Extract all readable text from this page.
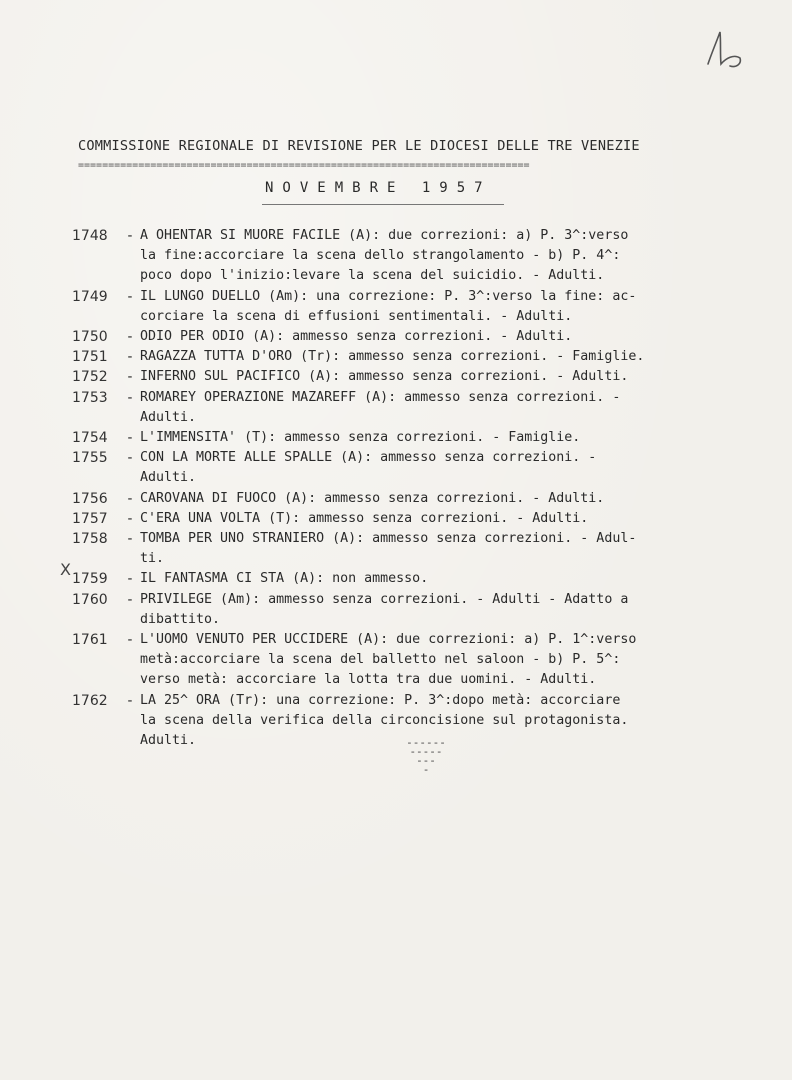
COMMISSIONE REGIONALE DI REVISIONE PER LE DIOCESI DELLE TRE VENEZIE
===========================================================================
NOVEMBRE 1957
X
1748	- A OHENTAR SI MUORE FACILE (A): due correzioni: a) P. 3^:verso
la fine:accorciare la scena dello strangolamento - b) P. 4^:
poco dopo l'inizio:levare la scena del suicidio. - Adulti.
1749	- IL LUNGO DUELLO (Am): una correzione: P. 3^:verso la fine: ac-
corciare la scena di effusioni sentimentali. - Adulti.
1750	- ODIO PER ODIO (A): ammesso senza correzioni. - Adulti.
1751	- RAGAZZA TUTTA D'ORO (Tr): ammesso senza correzioni. - Famiglie.
1752	- INFERNO SUL PACIFICO (A): ammesso senza correzioni. - Adulti.
1753	- ROMAREY OPERAZIONE MAZAREFF (A): ammesso senza correzioni. -
Adulti.
1754	- L'IMMENSITA' (T): ammesso senza correzioni. - Famiglie.
1755	- CON LA MORTE ALLE SPALLE (A): ammesso senza correzioni. -
Adulti.
1756	- CAROVANA DI FUOCO (A): ammesso senza correzioni. - Adulti.
1757	- C'ERA UNA VOLTA (T): ammesso senza correzioni. - Adulti.
1758	- TOMBA PER UNO STRANIERO (A): ammesso senza correzioni. - Adul-
ti.
1759	- IL FANTASMA CI STA (A): non ammesso.
1760	- PRIVILEGE (Am): ammesso senza correzioni. - Adulti - Adatto a
dibattito.
1761	- L'UOMO VENUTO PER UCCIDERE (A): due correzioni: a) P. 1^:verso
metà:accorciare la scena del balletto nel saloon - b) P. 5^:
verso metà: accorciare la lotta tra due uomini. - Adulti.
1762	- LA 25^ ORA (Tr): una correzione: P. 3^:dopo metà: accorciare
la scena della verifica della circoncisione sul protagonista.
Adulti.	------
-----
---
-
